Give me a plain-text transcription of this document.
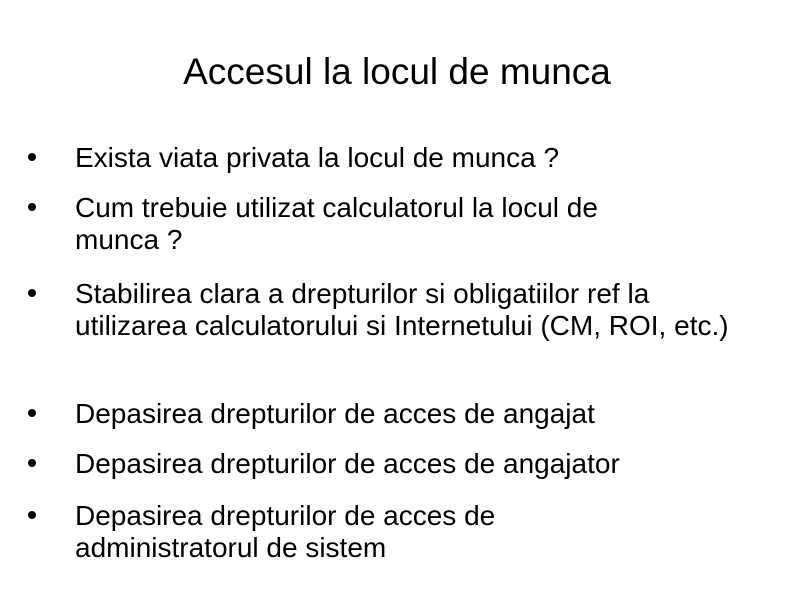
Accesul la locul de munca
Exista viata privata la locul de munca ?
Cum trebuie utilizat calculatorul la locul de munca ?
Stabilirea clara a drepturilor si obligatiilor ref la utilizarea calculatorului si Internetului (CM, ROI, etc.)
Depasirea drepturilor de acces de angajat
Depasirea drepturilor de acces de angajator
Depasirea drepturilor de acces de administratorul de sistem
